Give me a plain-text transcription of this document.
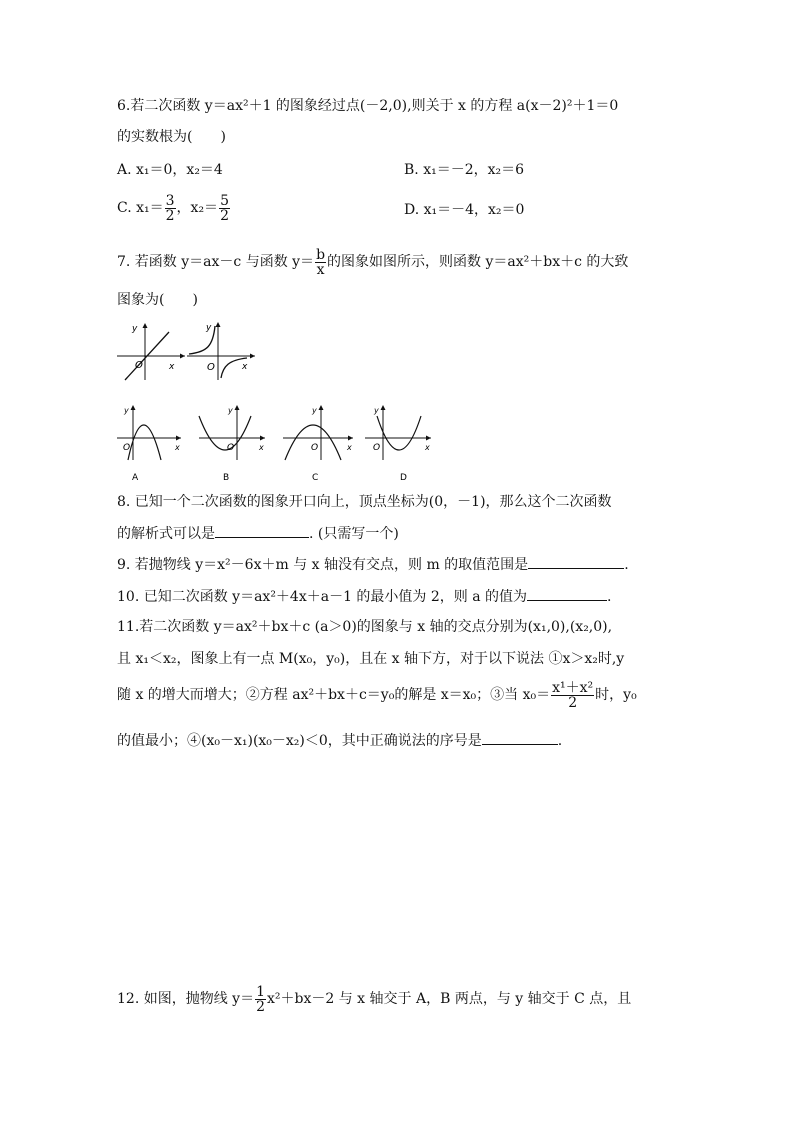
6.若二次函数 y＝ax²＋1 的图象经过点(－2,0),则关于 x 的方程 a(x－2)²＋1＝0
的实数根为(　　)
A. x₁＝0，x₂＝4	B. x₁＝－2，x₂＝6
C. $x_1= \frac{3}{2}$ ，$x_2= \frac{5}{2}$	D. x₁＝－4，x₂＝0
7. 若函数 y＝ax－c 与函数 $y= \frac{b}{x}$ 的图象如图所示，则函数 y＝ax²＋bx＋c 的大致
图象为(　　)
y
O	x
y
O	x
y
O	x
A
y
O	x
B
y
O	x
C
y
O	x
D
8. 已知一个二次函数的图象开口向上，顶点坐标为(0，－1)，那么这个二次函数
的解析式可以是	. (只需写一个)
9. 若抛物线 y＝x²－6x＋m 与 x 轴没有交点，则 m 的取值范围是	.
10. 已知二次函数 y＝ax²＋4x＋a－1 的最小值为 2，则 a 的值为	.
11.若二次函数 y＝ax²＋bx＋c (a＞0)的图象与 x 轴的交点分别为(x₁,0),(x₂,0),
且 x₁＜x₂，图象上有一点 M(x₀，y₀)，且在 x 轴下方，对于以下说法 ①x＞x₂时,y
随 x 的增大而增大；②方程 ax²＋bx＋c＝y₀的解是 x＝x₀；③当 $x_0= \frac{\text{x¹＋x²}}{2}$ 时，y₀
的值最小；④(x₀－x₁)(x₀－x₂)＜0，其中正确说法的序号是	.
12. 如图，抛物线 $y= \frac{1}{2} x^2+bx-2$ 与 x 轴交于 A，B 两点，与 y 轴交于 C 点，且
